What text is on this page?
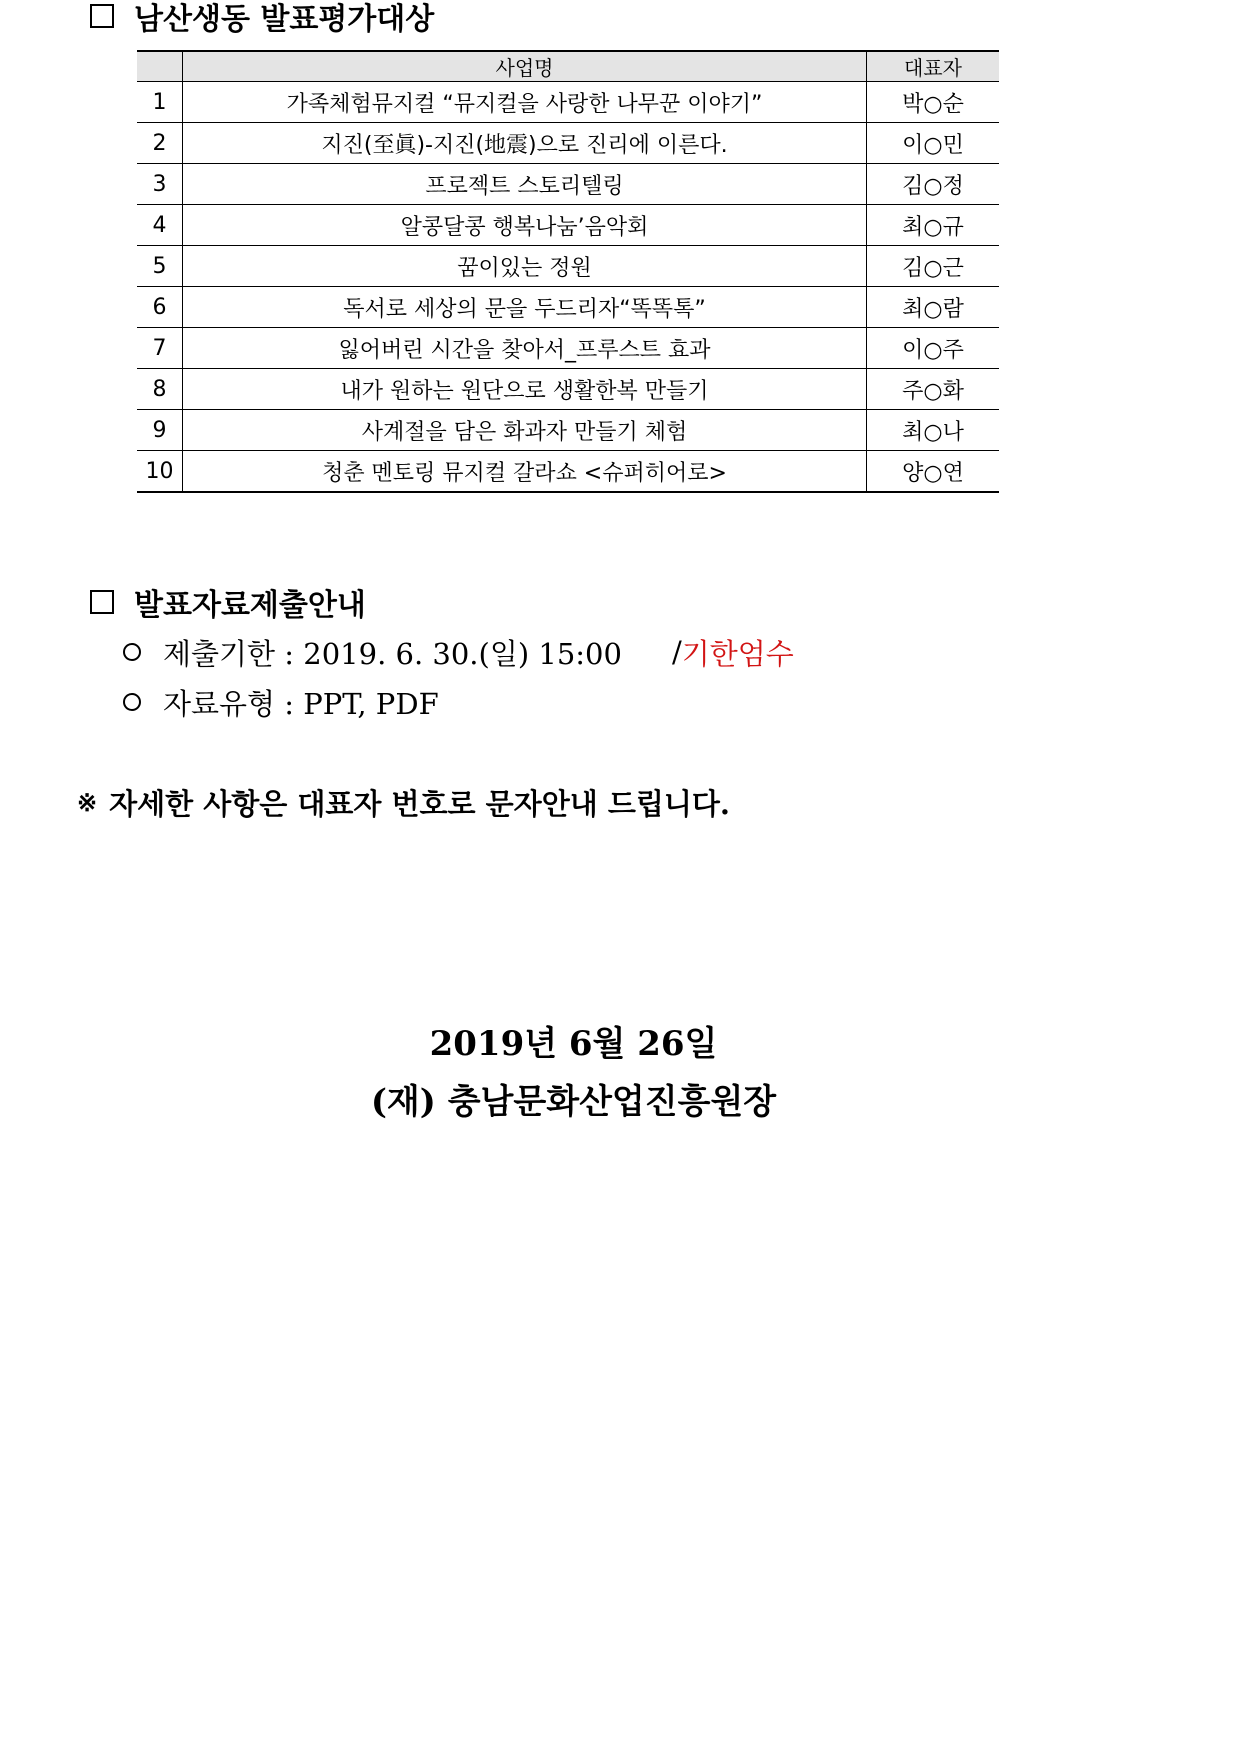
남산생동 발표평가대상
	사업명	대표자
1	가족체험뮤지컬 “뮤지컬을 사랑한 나무꾼 이야기”	박○순
2	지진(至眞)-지진(地震)으로 진리에 이른다.	이○민
3	프로젝트 스토리텔링	김○정
4	알콩달콩 행복나눔’음악회	최○규
5	꿈이있는 정원	김○근
6	독서로 세상의 문을 두드리자“똑똑톡”	최○람
7	잃어버린 시간을 찾아서_프루스트 효과	이○주
8	내가 원하는 원단으로 생활한복 만들기	주○화
9	사계절을 담은 화과자 만들기 체험	최○나
10	청춘 멘토링 뮤지컬 갈라쇼 <슈퍼히어로>	양○연
발표자료제출안내
제출기한 : 2019. 6. 30.(일) 15:00 / 기한엄수
자료유형 : PPT, PDF
※ 자세한 사항은 대표자 번호로 문자안내 드립니다.
2019년 6월 26일
(재) 충남문화산업진흥원장
